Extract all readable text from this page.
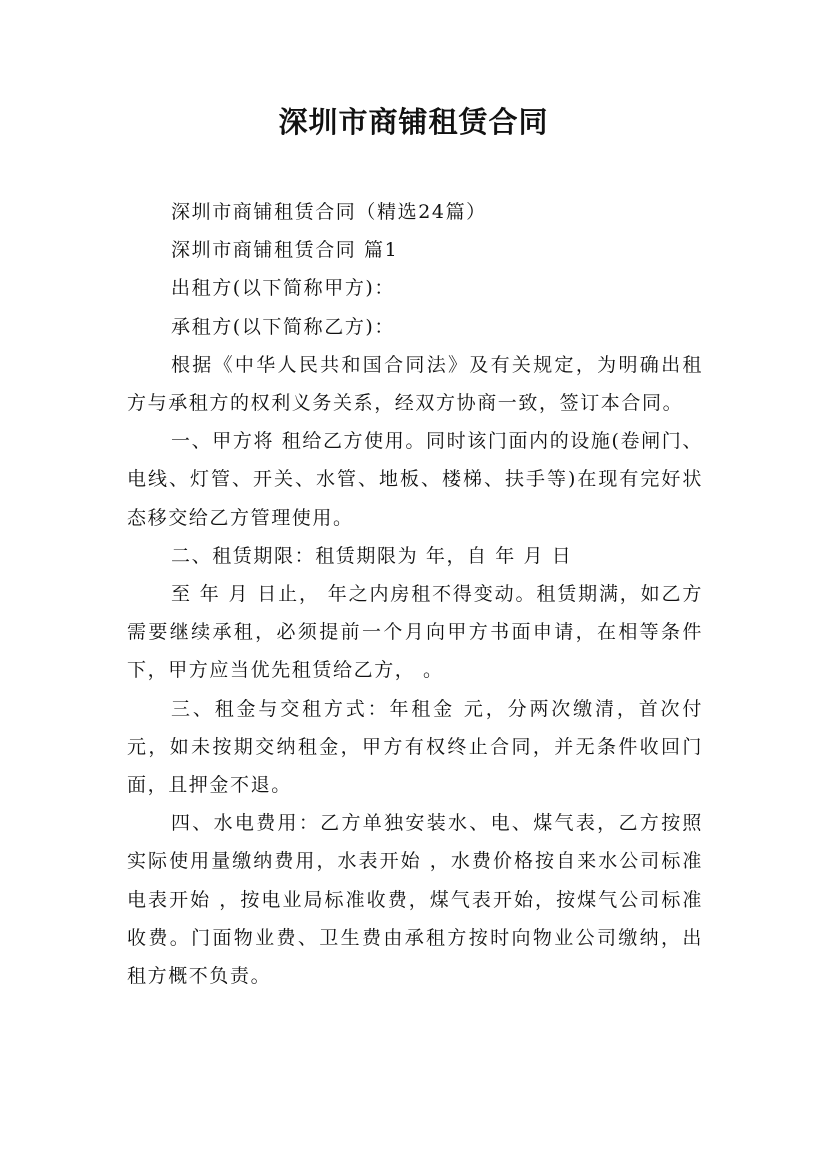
深圳市商铺租赁合同

深圳市商铺租赁合同（精选24篇）

深圳市商铺租赁合同 篇1

出租方(以下简称甲方)：

承租方(以下简称乙方)：

根据《中华人民共和国合同法》及有关规定，为明确出租方与承租方的权利义务关系，经双方协商一致，签订本合同。

一、甲方将 租给乙方使用。同时该门面内的设施(卷闸门、电线、灯管、开关、水管、地板、楼梯、扶手等)在现有完好状态移交给乙方管理使用。

二、租赁期限：租赁期限为 年，自 年 月 日

至 年 月 日止， 年之内房租不得变动。租赁期满，如乙方需要继续承租，必须提前一个月向甲方书面申请，在相等条件下，甲方应当优先租赁给乙方， 。

三、租金与交租方式：年租金 元，分两次缴清，首次付 元，如未按期交纳租金，甲方有权终止合同，并无条件收回门面，且押金不退。

四、水电费用：乙方单独安装水、电、煤气表，乙方按照实际使用量缴纳费用，水表开始 ，水费价格按自来水公司标准电表开始 ，按电业局标准收费，煤气表开始，按煤气公司标准收费。门面物业费、卫生费由承租方按时向物业公司缴纳，出租方概不负责。
